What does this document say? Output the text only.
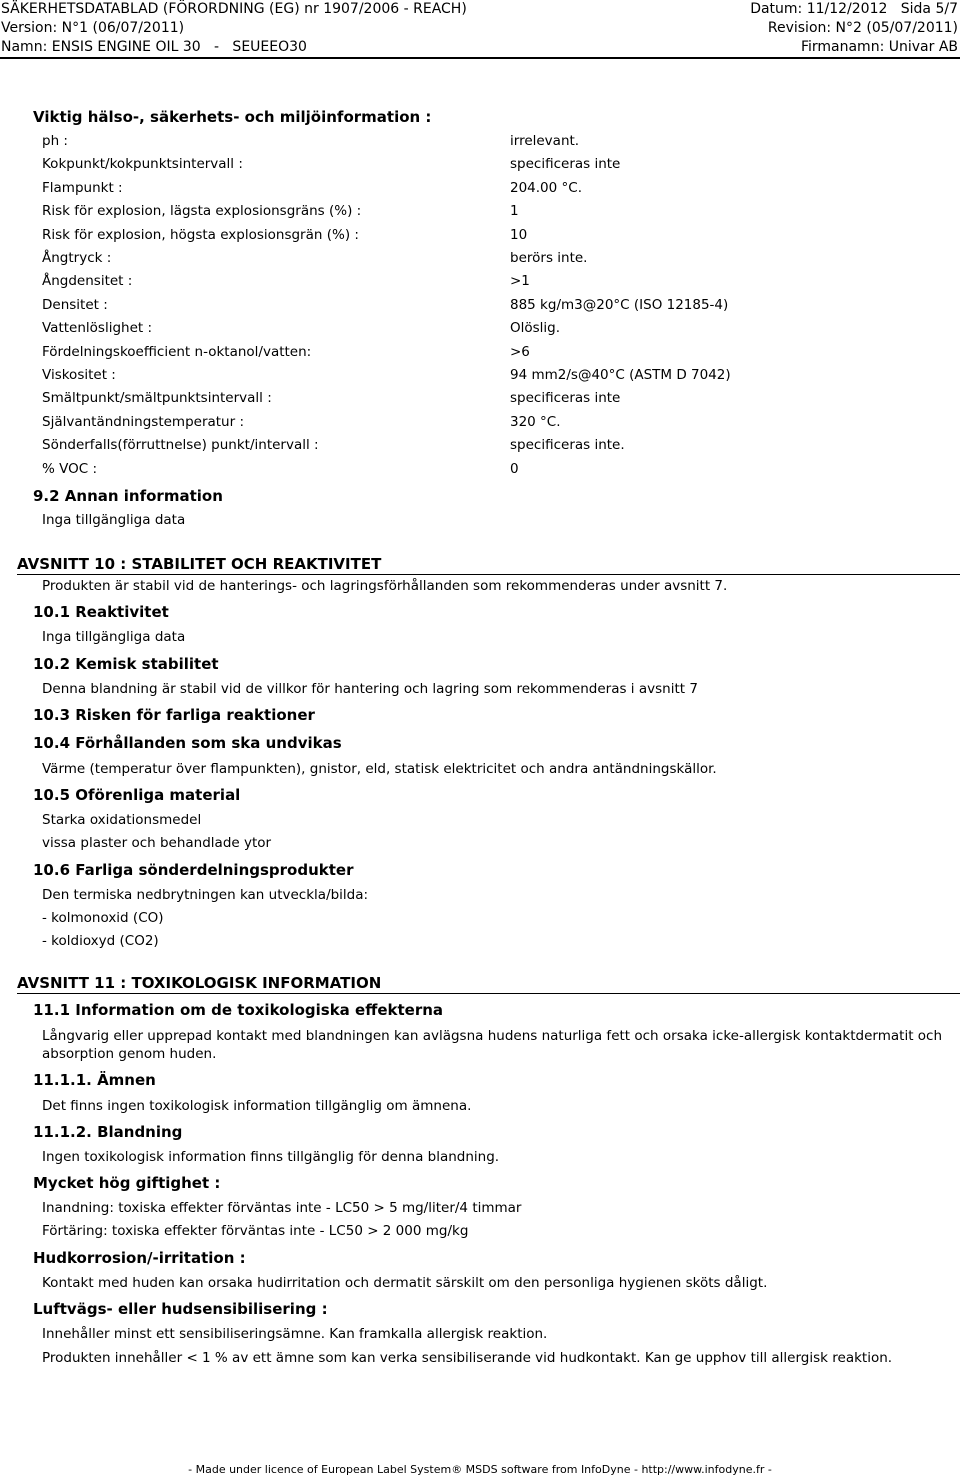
SÄKERHETSDATABLAD (FÖRORDNING (EG) nr 1907/2006 - REACH)	Datum: 11/12/2012 Sida 5/7
Version: N°1 (06/07/2011)	Revision: N°2 (05/07/2011)
Namn: ENSIS ENGINE OIL 30   -   SEUEEO30	Firmanamn: Univar AB
Viktig hälso-, säkerhets- och miljöinformation :
ph :	irrelevant.
Kokpunkt/kokpunktsintervall :	specificeras inte
Flampunkt :	204.00 °C.
Risk för explosion, lägsta explosionsgräns (%) :	1
Risk för explosion, högsta explosionsgrän (%) :	10
Ångtryck :	berörs inte.
Ångdensitet :	>1
Densitet :	885 kg/m3@20°C (ISO 12185-4)
Vattenlöslighet :	Olöslig.
Fördelningskoefficient n-oktanol/vatten:	>6
Viskositet :	94 mm2/s@40°C (ASTM D 7042)
Smältpunkt/smältpunktsintervall :	specificeras inte
Självantändningstemperatur :	320 °C.
Sönderfalls(förruttnelse) punkt/intervall :	specificeras inte.
% VOC :	0
9.2 Annan information
Inga tillgängliga data
AVSNITT 10 : STABILITET OCH REAKTIVITET
Produkten är stabil vid de hanterings- och lagringsförhållanden som rekommenderas under avsnitt 7.
10.1 Reaktivitet
Inga tillgängliga data
10.2 Kemisk stabilitet
Denna blandning är stabil vid de villkor för hantering och lagring som rekommenderas i avsnitt 7
10.3 Risken för farliga reaktioner
10.4 Förhållanden som ska undvikas
Värme (temperatur över flampunkten), gnistor, eld, statisk elektricitet och andra antändningskällor.
10.5 Oförenliga material
Starka oxidationsmedel
vissa plaster och behandlade ytor
10.6 Farliga sönderdelningsprodukter
Den termiska nedbrytningen kan utveckla/bilda:
- kolmonoxid (CO)
- koldioxyd (CO2)
AVSNITT 11 : TOXIKOLOGISK INFORMATION
11.1 Information om de toxikologiska effekterna
Långvarig eller upprepad kontakt med blandningen kan avlägsna hudens naturliga fett och orsaka icke-allergisk kontaktdermatit och absorption genom huden.
11.1.1. Ämnen
Det finns ingen toxikologisk information tillgänglig om ämnena.
11.1.2. Blandning
Ingen toxikologisk information finns tillgänglig för denna blandning.
Mycket hög giftighet :
Inandning: toxiska effekter förväntas inte - LC50 > 5 mg/liter/4 timmar
Förtäring: toxiska effekter förväntas inte - LC50 > 2 000 mg/kg
Hudkorrosion/-irritation :
Kontakt med huden kan orsaka hudirritation och dermatit särskilt om den personliga hygienen sköts dåligt.
Luftvägs- eller hudsensibilisering :
Innehåller minst ett sensibiliseringsämne. Kan framkalla allergisk reaktion.
Produkten innehåller < 1 % av ett ämne som kan verka sensibiliserande vid hudkontakt. Kan ge upphov till allergisk reaktion.
- Made under licence of European Label System® MSDS software from InfoDyne - http://www.infodyne.fr -
